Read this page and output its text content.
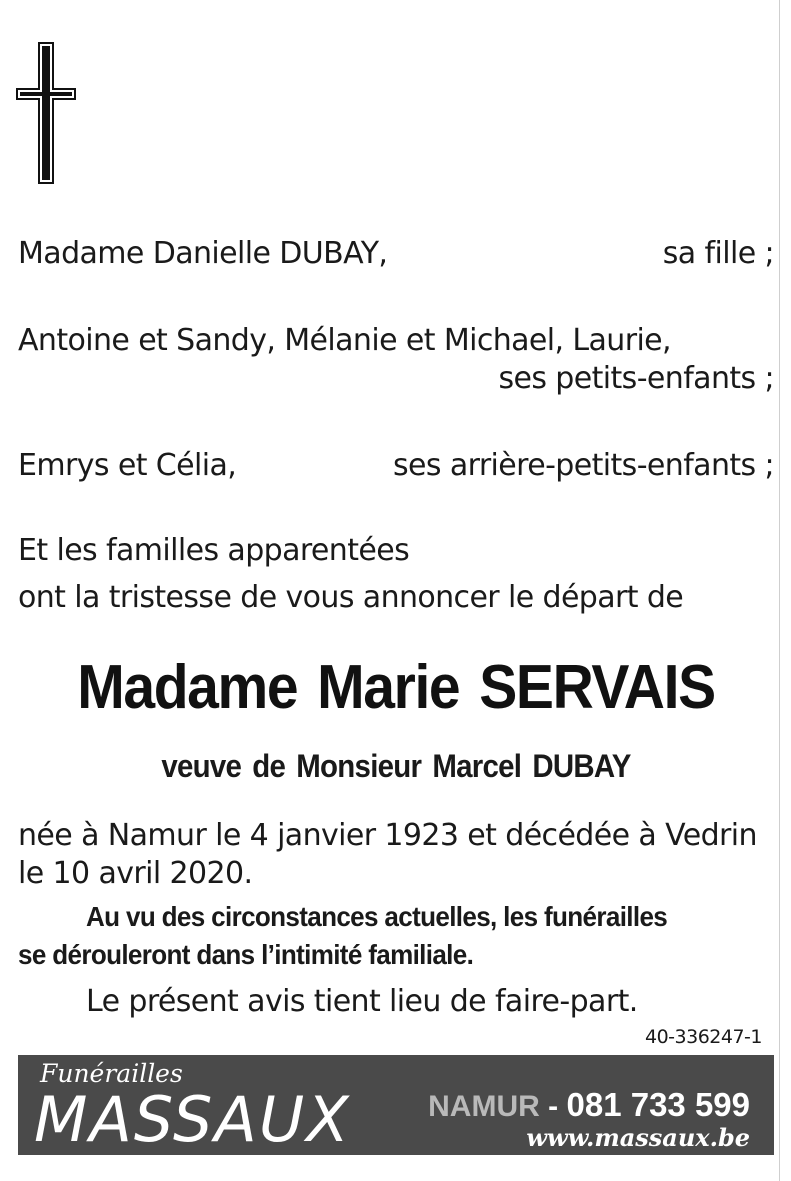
Madame Danielle DUBAY,	sa fille ;
Antoine et Sandy, Mélanie et Michael, Laurie,
ses petits-enfants ;
Emrys et Célia,	ses arrière-petits-enfants ;
Et les familles apparentées
ont la tristesse de vous annoncer le départ de
Madame Marie SERVAIS
veuve de Monsieur Marcel DUBAY
née à Namur le 4 janvier 1923 et décédée à Vedrin
le 10 avril 2020.
Au vu des circonstances actuelles, les funérailles
se dérouleront dans l’intimité familiale.
Le présent avis tient lieu de faire-part.
40-336247-1
Funérailles
MASSAUX	NAMUR - 081 733 599
www.massaux.be
